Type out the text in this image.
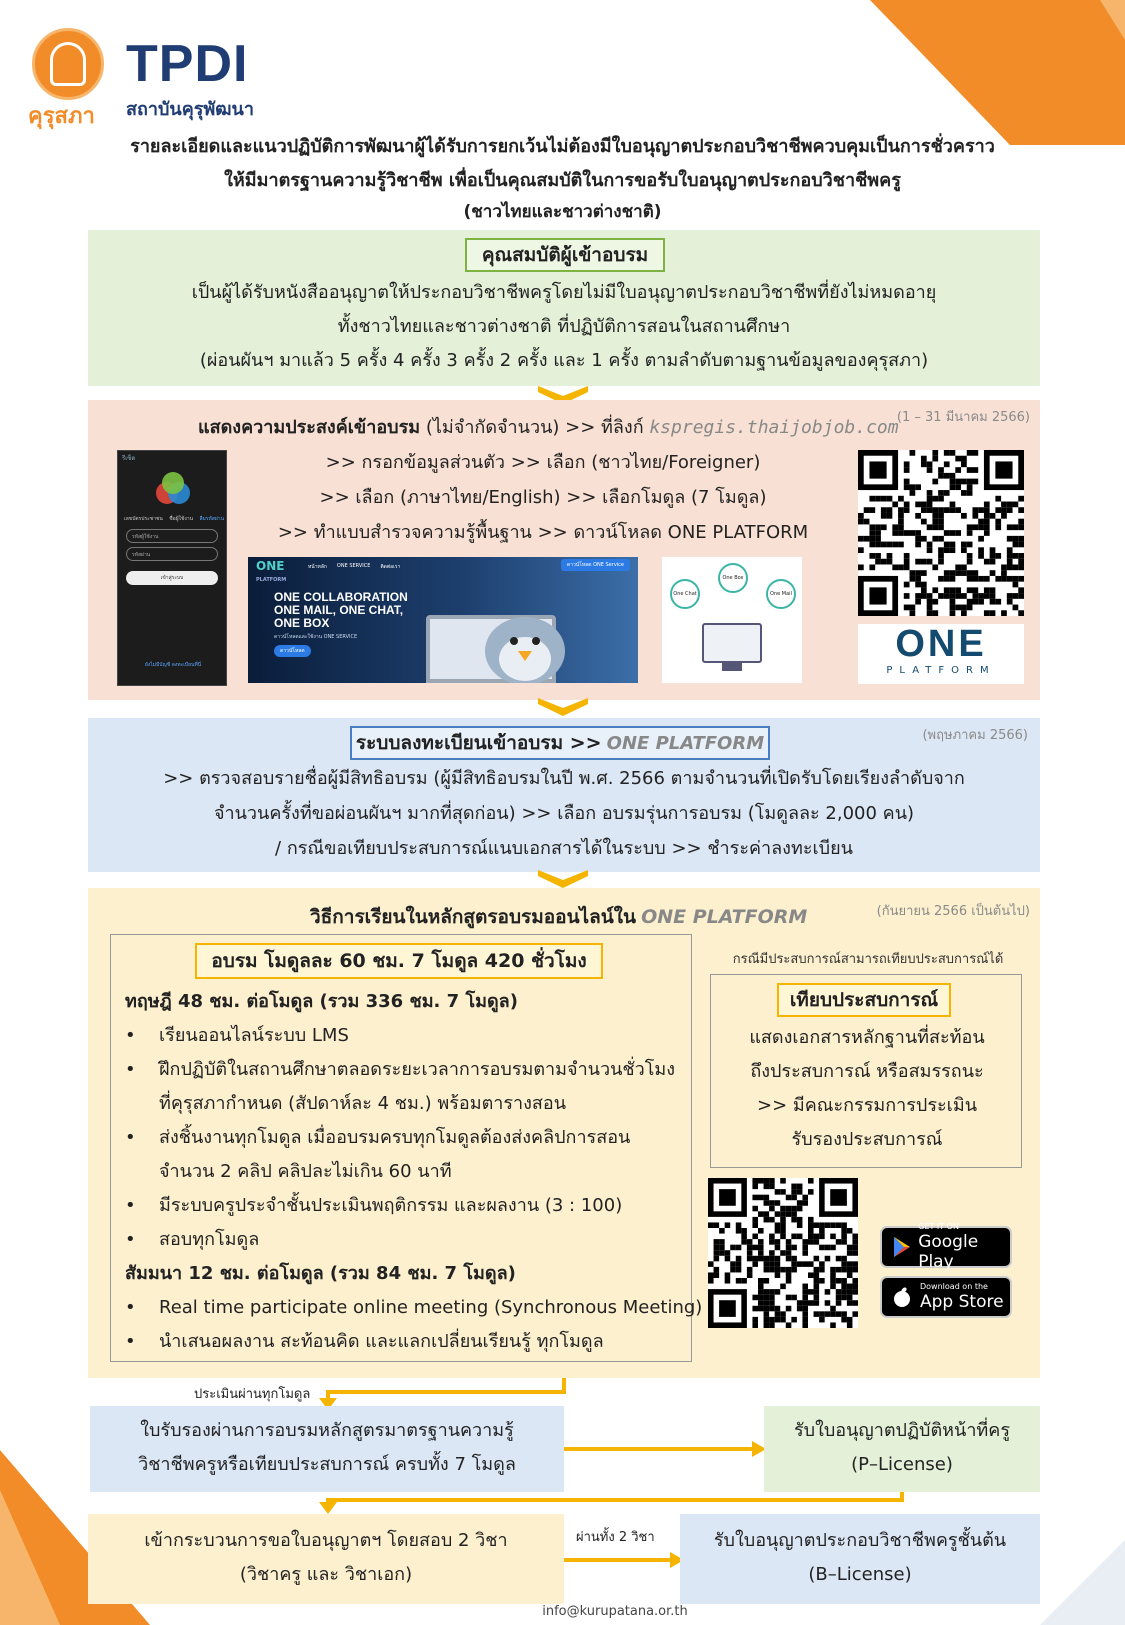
คุรุสภา
TPDI
สถาบันคุรุพัฒนา
รายละเอียดและแนวปฏิบัติการพัฒนาผู้ได้รับการยกเว้นไม่ต้องมีใบอนุญาตประกอบวิชาชีพควบคุมเป็นการชั่วคราว
ให้มีมาตรฐานความรู้วิชาชีพ เพื่อเป็นคุณสมบัติในการขอรับใบอนุญาตประกอบวิชาชีพครู
(ชาวไทยและชาวต่างชาติ)
คุณสมบัติผู้เข้าอบรม
เป็นผู้ได้รับหนังสืออนุญาตให้ประกอบวิชาชีพครูโดยไม่มีใบอนุญาตประกอบวิชาชีพที่ยังไม่หมดอายุ
ทั้งชาวไทยและชาวต่างชาติ ที่ปฏิบัติการสอนในสถานศึกษา
(ผ่อนผันฯ มาแล้ว 5 ครั้ง 4 ครั้ง 3 ครั้ง 2 ครั้ง และ 1 ครั้ง ตามลำดับตามฐานข้อมูลของคุรุสภา)
(1 – 31 มีนาคม 2566)
แสดงความประสงค์เข้าอบรม (ไม่จำกัดจำนวน) >> ที่ลิงก์ kspregis.thaijobjob.com
>> กรอกข้อมูลส่วนตัว >> เลือก (ชาวไทย/Foreigner)
>> เลือก (ภาษาไทย/English) >> เลือกโมดูล (7 โมดูล)
>> ทำแบบสำรวจความรู้พื้นฐาน >> ดาวน์โหลด ONE PLATFORM
รีเซ็ต
เลขบัตรประชาชน ชื่อผู้ใช้งาน ลืมรหัสผ่าน
รหัสผู้ใช้งาน
รหัสผ่าน
เข้าสู่ระบบ
ยังไม่มีบัญชี ลงทะเบียนที่นี่
ONE
PLATFORM
หน้าหลัก ONE SERVICE ติดต่อเรา	ดาวน์โหลด ONE Service
ONE COLLABORATION
ONE MAIL, ONE CHAT,
ONE BOX
ดาวน์โหลดและใช้งาน ONE SERVICE
ดาวน์โหลด
One Chat
One Box
One Mail
ONE
PLATFORM
(พฤษภาคม 2566)
ระบบลงทะเบียนเข้าอบรม >> ONE PLATFORM
>> ตรวจสอบรายชื่อผู้มีสิทธิอบรม (ผู้มีสิทธิอบรมในปี พ.ศ. 2566 ตามจำนวนที่เปิดรับโดยเรียงลำดับจาก
จำนวนครั้งที่ขอผ่อนผันฯ มากที่สุดก่อน) >> เลือก อบรมรุ่นการอบรม (โมดูลละ 2,000 คน)
/ กรณีขอเทียบประสบการณ์แนบเอกสารได้ในระบบ >> ชำระค่าลงทะเบียน
(กันยายน 2566 เป็นต้นไป)
วิธีการเรียนในหลักสูตรอบรมออนไลน์ใน ONE PLATFORM
อบรม โมดูลละ 60 ชม. 7 โมดูล 420 ชั่วโมง
ทฤษฎี 48 ชม. ต่อโมดูล (รวม 336 ชม. 7 โมดูล)
• เรียนออนไลน์ระบบ LMS
• ฝึกปฏิบัติในสถานศึกษาตลอดระยะเวลาการอบรมตามจำนวนชั่วโมง
ที่คุรุสภากำหนด (สัปดาห์ละ 4 ชม.) พร้อมตารางสอน
• ส่งชิ้นงานทุกโมดูล เมื่ออบรมครบทุกโมดูลต้องส่งคลิปการสอน
จำนวน 2 คลิป คลิปละไม่เกิน 60 นาที
• มีระบบครูประจำชั้นประเมินพฤติกรรม และผลงาน (3 : 100)
• สอบทุกโมดูล
สัมมนา 12 ชม. ต่อโมดูล (รวม 84 ชม. 7 โมดูล)
• Real time participate online meeting (Synchronous Meeting)
• นำเสนอผลงาน สะท้อนคิด และแลกเปลี่ยนเรียนรู้ ทุกโมดูล
กรณีมีประสบการณ์สามารถเทียบประสบการณ์ได้
เทียบประสบการณ์
แสดงเอกสารหลักฐานที่สะท้อน
ถึงประสบการณ์ หรือสมรรถนะ
>> มีคณะกรรมการประเมิน
รับรองประสบการณ์
GET IT ON
Google Play
Download on the
App Store
ประเมินผ่านทุกโมดูล
ใบรับรองผ่านการอบรมหลักสูตรมาตรฐานความรู้
วิชาชีพครูหรือเทียบประสบการณ์ ครบทั้ง 7 โมดูล
รับใบอนุญาตปฏิบัติหน้าที่ครู
(P–License)
เข้ากระบวนการขอใบอนุญาตฯ โดยสอบ 2 วิชา
(วิชาครู และ วิชาเอก)
ผ่านทั้ง 2 วิชา	รับใบอนุญาตประกอบวิชาชีพครูชั้นต้น
(B–License)
info@kurupatana.or.th
